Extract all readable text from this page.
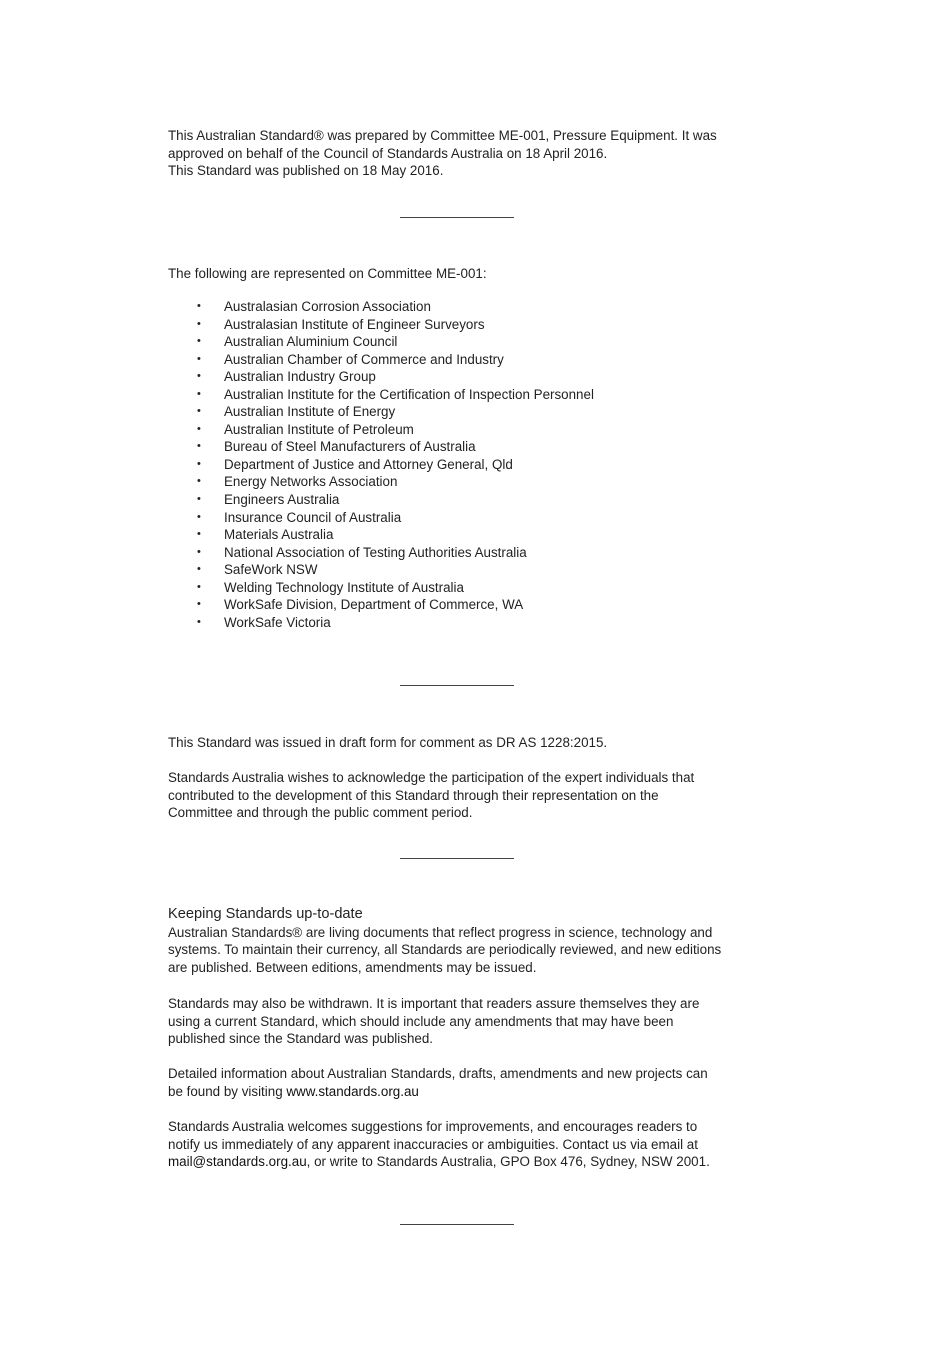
This Australian Standard® was prepared by Committee ME-001, Pressure Equipment. It was

approved on behalf of the Council of Standards Australia on 18 April 2016.

This Standard was published on 18 May 2016.

The following are represented on Committee ME-001:

• Australasian Corrosion Association
• Australasian Institute of Engineer Surveyors
• Australian Aluminium Council
• Australian Chamber of Commerce and Industry
• Australian Industry Group
• Australian Institute for the Certification of Inspection Personnel
• Australian Institute of Energy
• Australian Institute of Petroleum
• Bureau of Steel Manufacturers of Australia
• Department of Justice and Attorney General, Qld
• Energy Networks Association
• Engineers Australia
• Insurance Council of Australia
• Materials Australia
• National Association of Testing Authorities Australia
• SafeWork NSW
• Welding Technology Institute of Australia
• WorkSafe Division, Department of Commerce, WA
• WorkSafe Victoria

This Standard was issued in draft form for comment as DR AS 1228:2015.

Standards Australia wishes to acknowledge the participation of the expert individuals that

contributed to the development of this Standard through their representation on the

Committee and through the public comment period.

Keeping Standards up-to-date

Australian Standards® are living documents that reflect progress in science, technology and

systems. To maintain their currency, all Standards are periodically reviewed, and new editions

are published. Between editions, amendments may be issued.

Standards may also be withdrawn. It is important that readers assure themselves they are

using a current Standard, which should include any amendments that may have been

published since the Standard was published.

Detailed information about Australian Standards, drafts, amendments and new projects can

be found by visiting www.standards.org.au

Standards Australia welcomes suggestions for improvements, and encourages readers to

notify us immediately of any apparent inaccuracies or ambiguities. Contact us via email at

mail@standards.org.au, or write to Standards Australia, GPO Box 476, Sydney, NSW 2001.
